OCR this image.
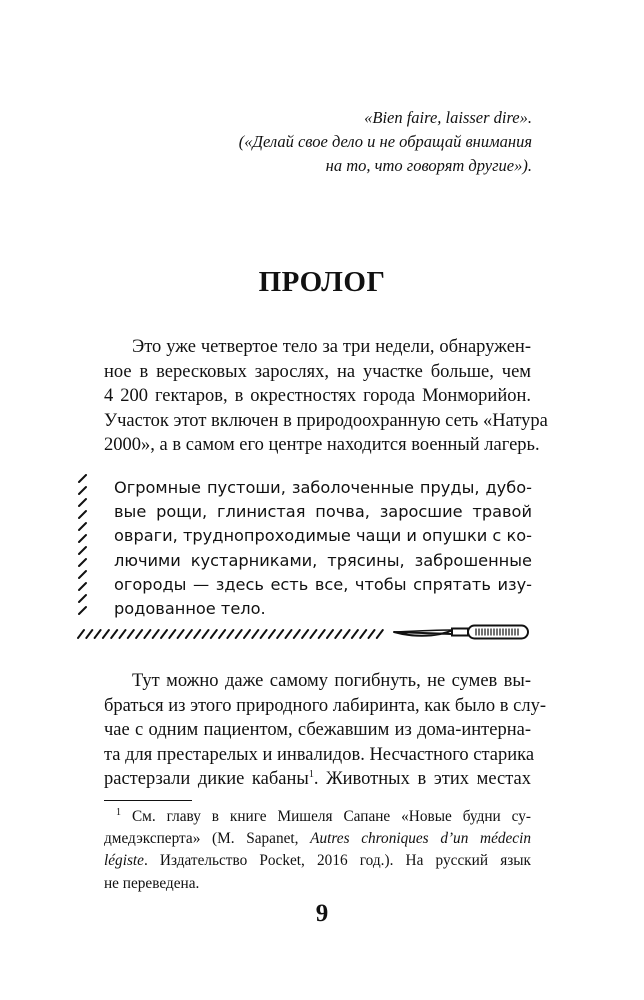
«Bien faire, laisser dire».
(«Делай свое дело и не обращай внимания
на то, что говорят другие»).
ПРОЛОГ
Это уже четвертое тело за три недели, обнаружен-
ное в вересковых зарослях, на участке больше, чем
4 200 гектаров, в окрестностях города Монморийон.
Участок этот включен в природоохранную сеть «Натура
2000», а в самом его центре находится военный лагерь.
Огромные пустоши, заболоченные пруды, дубо-
вые рощи, глинистая почва, заросшие травой
овраги, труднопроходимые чащи и опушки с ко-
лючими кустарниками, трясины, заброшенные
огороды — здесь есть все, чтобы спрятать изу-
родованное тело.
Тут можно даже самому погибнуть, не сумев вы-
браться из этого природного лабиринта, как было в слу-
чае с одним пациентом, сбежавшим из дома-интерна-
та для престарелых и инвалидов. Несчастного старика
растерзали дикие кабаны$^1$. Животных в этих местах
$^1$ См. главу в книге Мишеля Сапане «Новые будни су-
дмедэксперта» (M. Sapanet, Autres chroniques d’un médecin
légiste. Издательство Pocket, 2016 год.). На русский язык
не переведена.
9
